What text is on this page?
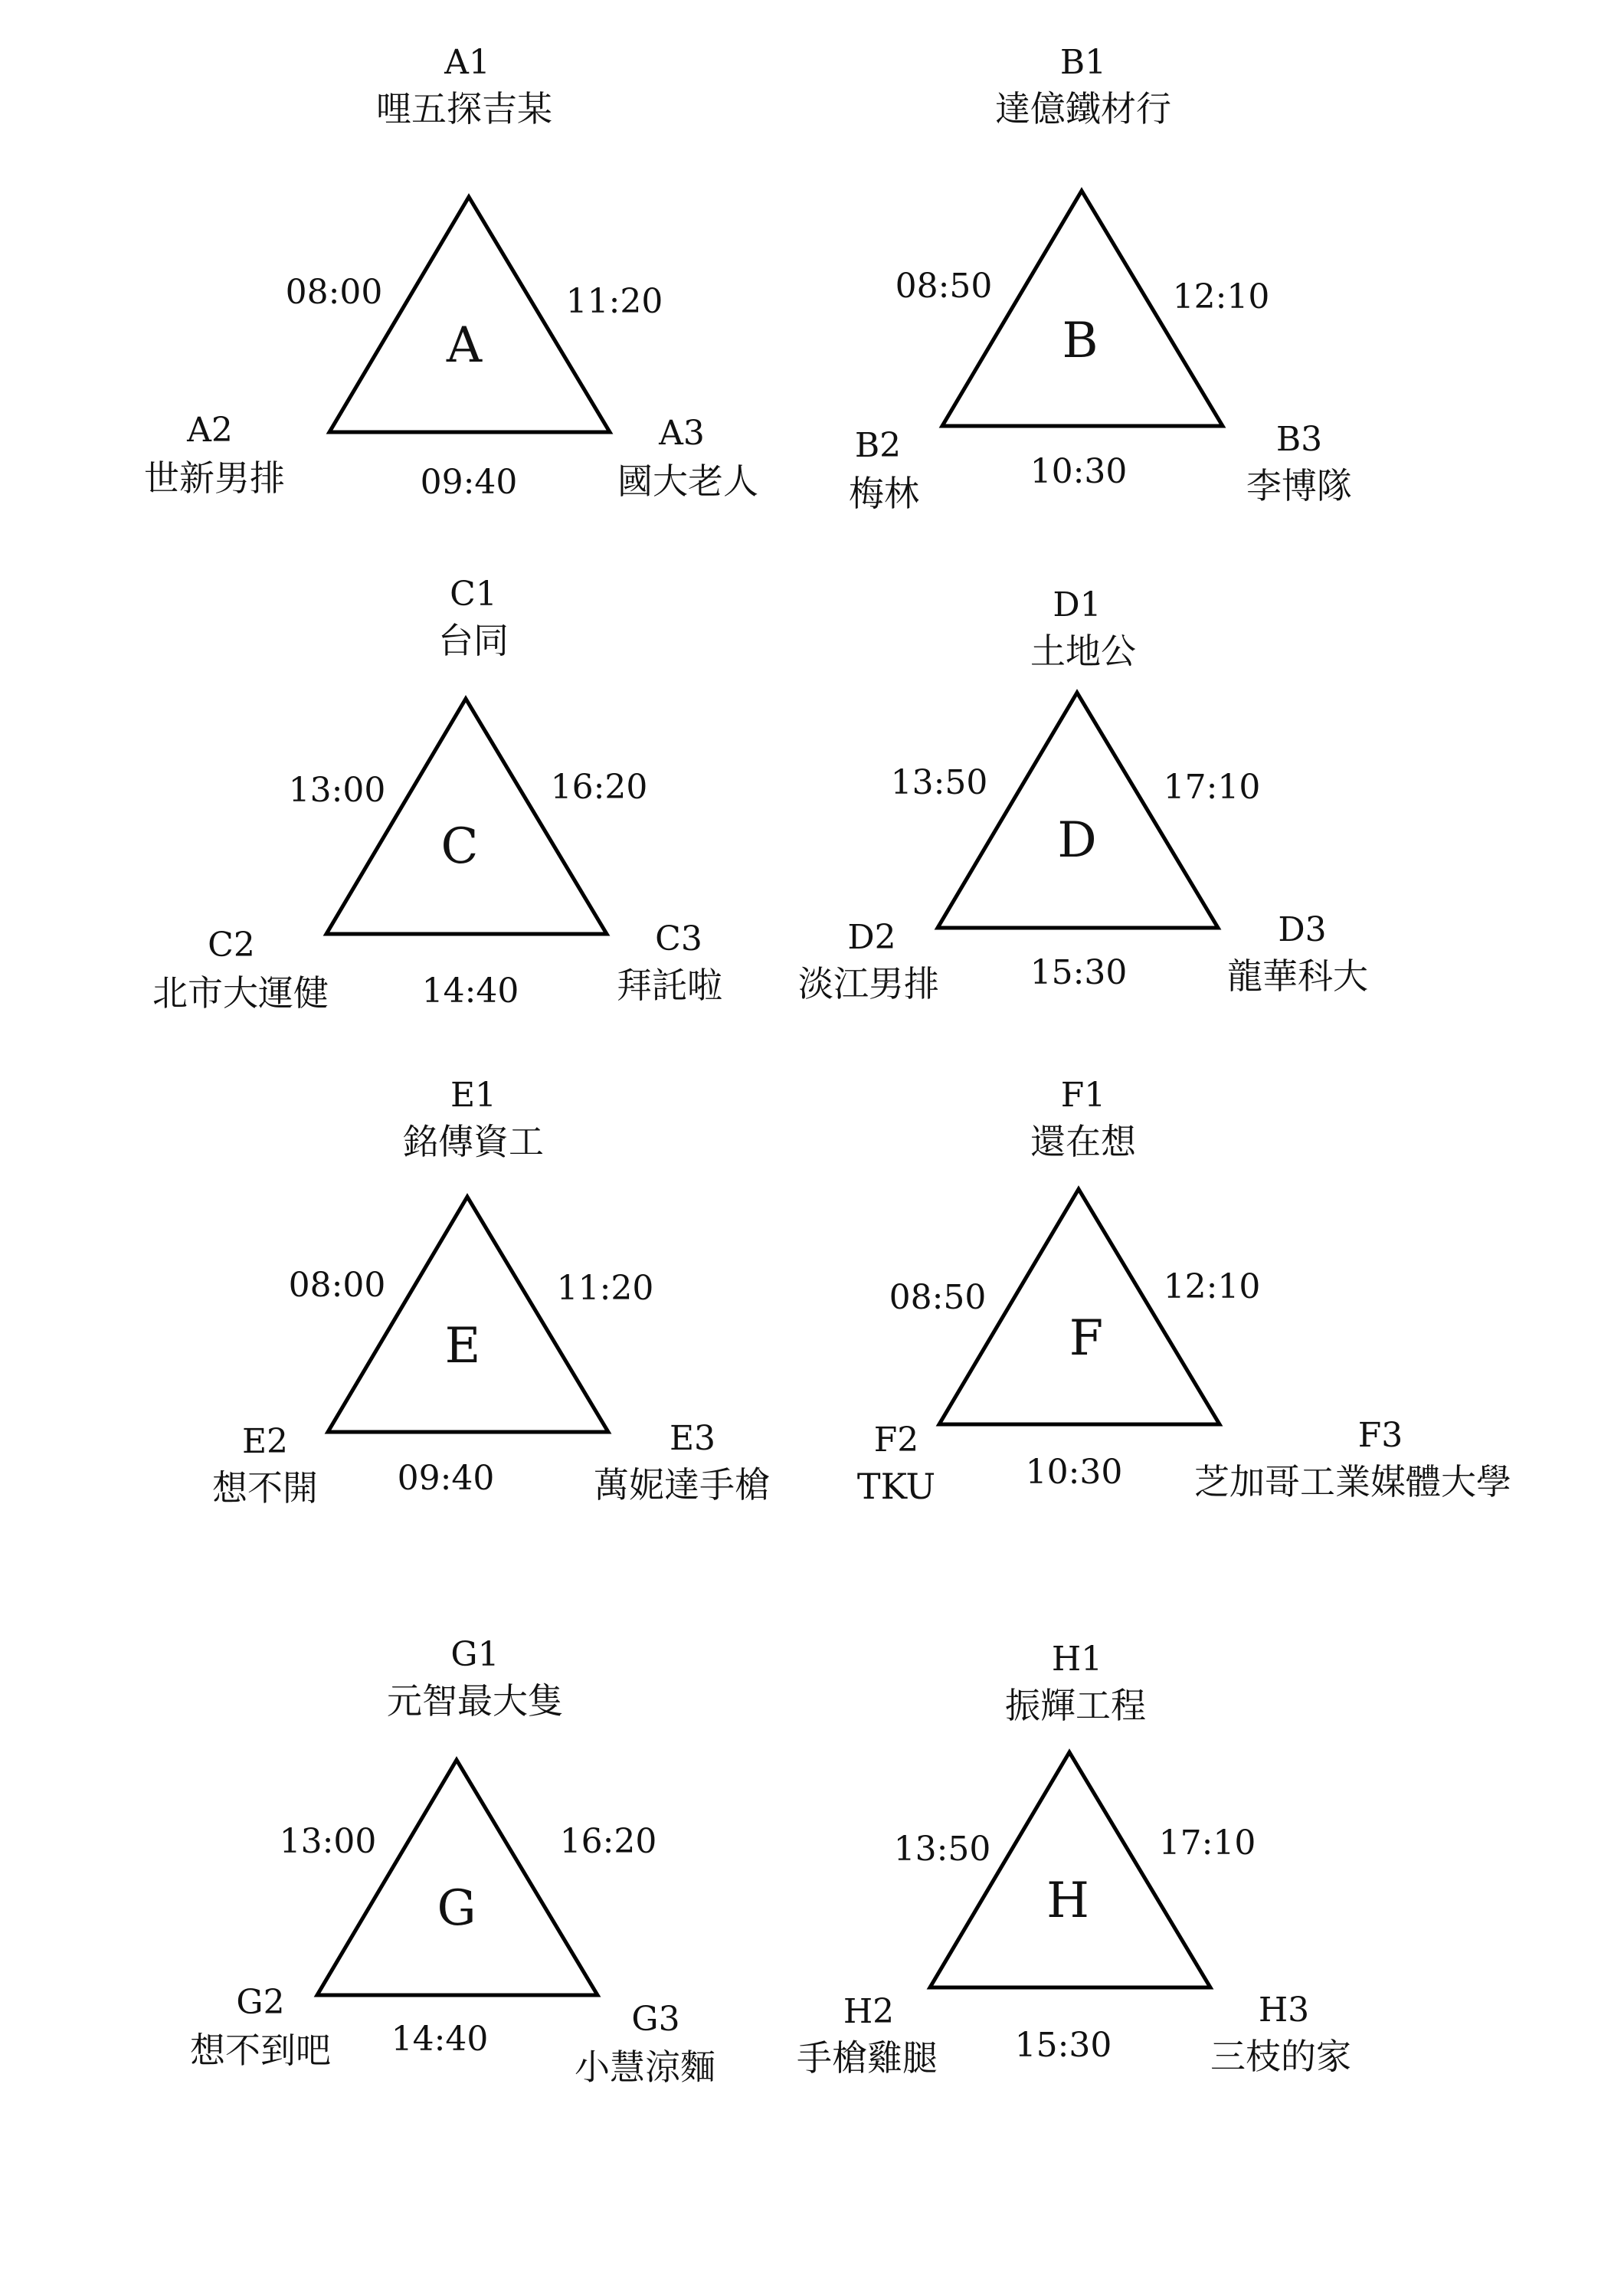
A
A1
哩五探吉某
A2
世新男排
A3
國大老人
08:00	11:20
09:40
B
B1
達億鐵材行
B2
梅林
B3
李博隊
08:50	12:10
10:30
C
C1
台同
C2
北市大運健
C3
拜託啦
13:00	16:20
14:40
D
D1
土地公
D2
淡江男排
D3
龍華科大
13:50	17:10
15:30
E
E1
銘傳資工
E2
想不開
E3
萬妮達手槍
08:00	11:20
09:40
F
F1
還在想
F2
TKU
F3
芝加哥工業媒體大學
08:50	12:10
10:30
G
G1
元智最大隻
G2
想不到吧
G3
小慧涼麵
13:00	16:20
14:40
H
H1
振輝工程
H2
手槍雞腿
H3
三枝的家
13:50	17:10
15:30
